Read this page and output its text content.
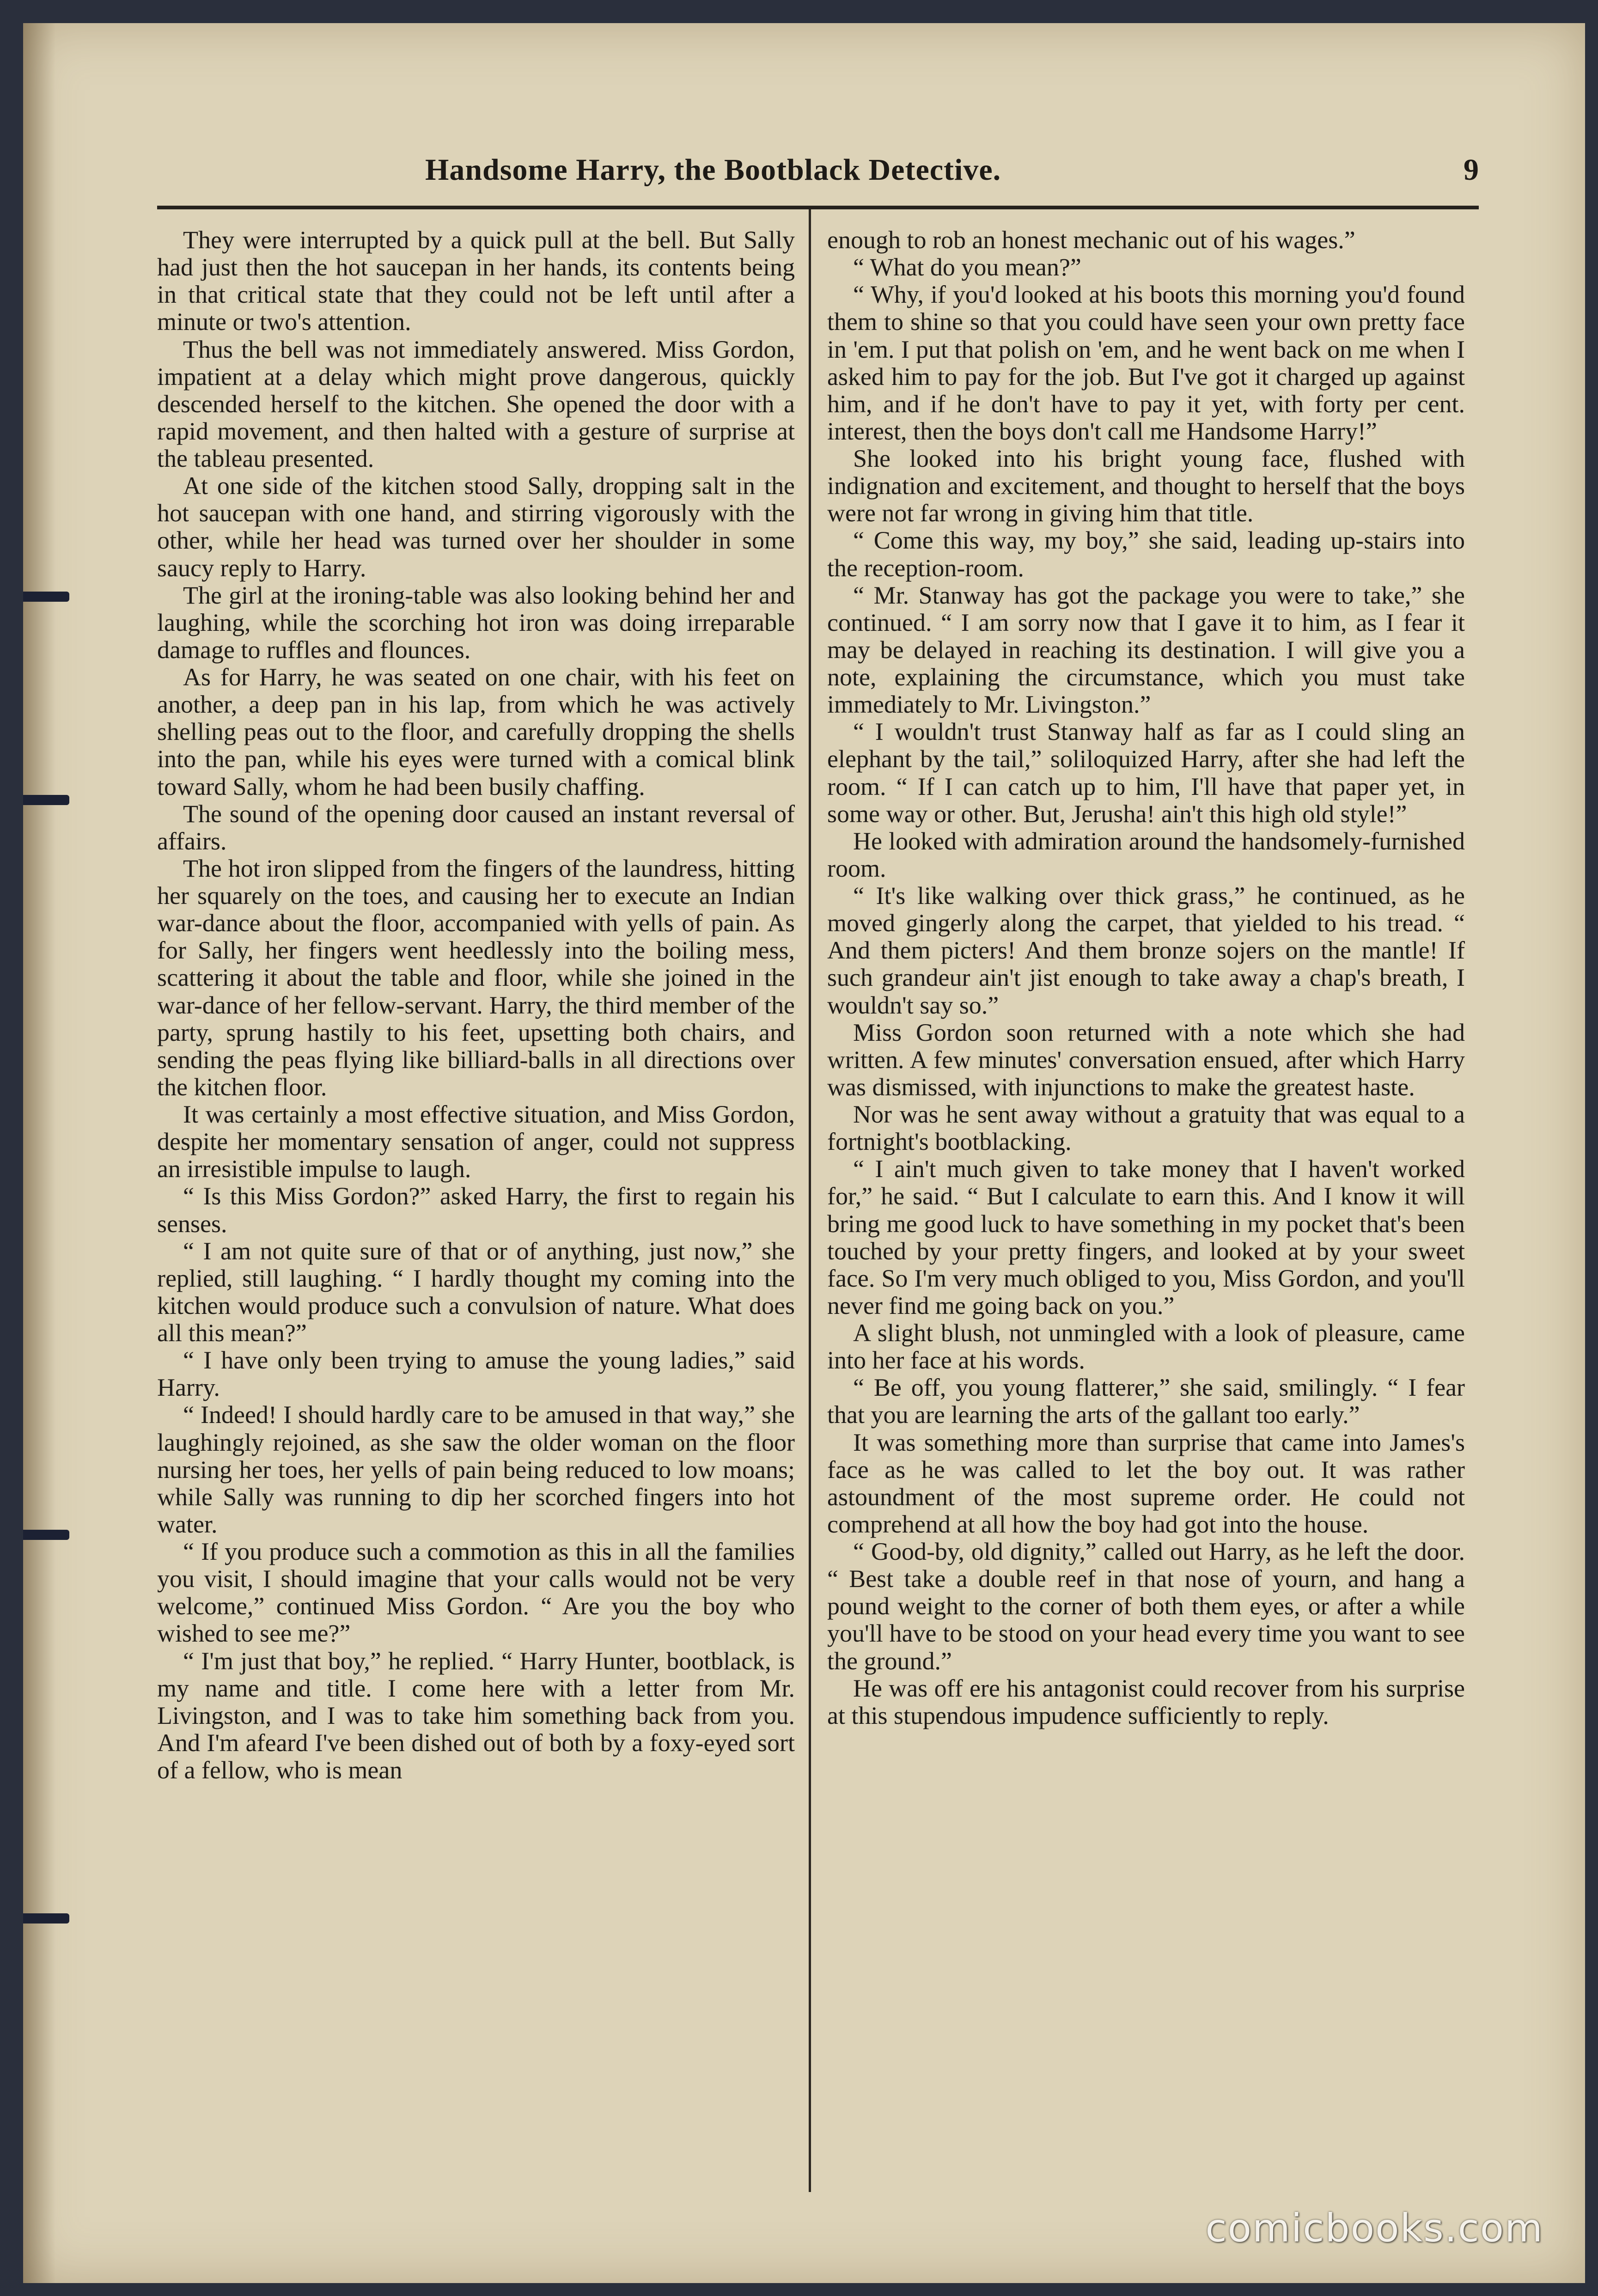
Handsome Harry, the Bootblack Detective.	9

They were interrupted by a quick pull at the bell. But Sally had just then the hot saucepan in her hands, its contents being in that critical state that they could not be left until after a minute or two's attention.

Thus the bell was not immediately answered. Miss Gordon, impatient at a delay which might prove dangerous, quickly descended herself to the kitchen. She opened the door with a rapid movement, and then halted with a gesture of surprise at the tableau presented.

At one side of the kitchen stood Sally, dropping salt in the hot saucepan with one hand, and stirring vigorously with the other, while her head was turned over her shoulder in some saucy reply to Harry.

The girl at the ironing-table was also looking behind her and laughing, while the scorching hot iron was doing irreparable damage to ruffles and flounces.

As for Harry, he was seated on one chair, with his feet on another, a deep pan in his lap, from which he was actively shelling peas out to the floor, and carefully dropping the shells into the pan, while his eyes were turned with a comical blink toward Sally, whom he had been busily chaffing.

The sound of the opening door caused an instant reversal of affairs.

The hot iron slipped from the fingers of the laundress, hitting her squarely on the toes, and causing her to execute an Indian war-dance about the floor, accompanied with yells of pain. As for Sally, her fingers went heedlessly into the boiling mess, scattering it about the table and floor, while she joined in the war-dance of her fellow-servant. Harry, the third member of the party, sprung hastily to his feet, upsetting both chairs, and sending the peas flying like billiard-balls in all directions over the kitchen floor.

It was certainly a most effective situation, and Miss Gordon, despite her momentary sensation of anger, could not suppress an irresistible impulse to laugh.

“ Is this Miss Gordon?” asked Harry, the first to regain his senses.

“ I am not quite sure of that or of anything, just now,” she replied, still laughing. “ I hardly thought my coming into the kitchen would produce such a convulsion of nature. What does all this mean?”

“ I have only been trying to amuse the young ladies,” said Harry.

“ Indeed! I should hardly care to be amused in that way,” she laughingly rejoined, as she saw the older woman on the floor nursing her toes, her yells of pain being reduced to low moans; while Sally was running to dip her scorched fingers into hot water.

“ If you produce such a commotion as this in all the families you visit, I should imagine that your calls would not be very welcome,” continued Miss Gordon. “ Are you the boy who wished to see me?”

“ I'm just that boy,” he replied. “ Harry Hunter, bootblack, is my name and title. I come here with a letter from Mr. Livingston, and I was to take him something back from you. And I'm afeard I've been dished out of both by a foxy-eyed sort of a fellow, who is mean

enough to rob an honest mechanic out of his wages.”

“ What do you mean?”

“ Why, if you'd looked at his boots this morning you'd found them to shine so that you could have seen your own pretty face in 'em. I put that polish on 'em, and he went back on me when I asked him to pay for the job. But I've got it charged up against him, and if he don't have to pay it yet, with forty per cent. interest, then the boys don't call me Handsome Harry!”

She looked into his bright young face, flushed with indignation and excitement, and thought to herself that the boys were not far wrong in giving him that title.

“ Come this way, my boy,” she said, leading up-stairs into the reception-room.

“ Mr. Stanway has got the package you were to take,” she continued. “ I am sorry now that I gave it to him, as I fear it may be delayed in reaching its destination. I will give you a note, explaining the circumstance, which you must take immediately to Mr. Livingston.”

“ I wouldn't trust Stanway half as far as I could sling an elephant by the tail,” soliloquized Harry, after she had left the room. “ If I can catch up to him, I'll have that paper yet, in some way or other. But, Jerusha! ain't this high old style!”

He looked with admiration around the handsomely-furnished room.

“ It's like walking over thick grass,” he continued, as he moved gingerly along the carpet, that yielded to his tread. “ And them picters! And them bronze sojers on the mantle! If such grandeur ain't jist enough to take away a chap's breath, I wouldn't say so.”

Miss Gordon soon returned with a note which she had written. A few minutes' conversation ensued, after which Harry was dismissed, with injunctions to make the greatest haste.

Nor was he sent away without a gratuity that was equal to a fortnight's bootblacking.

“ I ain't much given to take money that I haven't worked for,” he said. “ But I calculate to earn this. And I know it will bring me good luck to have something in my pocket that's been touched by your pretty fingers, and looked at by your sweet face. So I'm very much obliged to you, Miss Gordon, and you'll never find me going back on you.”

A slight blush, not unmingled with a look of pleasure, came into her face at his words.

“ Be off, you young flatterer,” she said, smilingly. “ I fear that you are learning the arts of the gallant too early.”

It was something more than surprise that came into James's face as he was called to let the boy out. It was rather astoundment of the most supreme order. He could not comprehend at all how the boy had got into the house.

“ Good-by, old dignity,” called out Harry, as he left the door. “ Best take a double reef in that nose of yourn, and hang a pound weight to the corner of both them eyes, or after a while you'll have to be stood on your head every time you want to see the ground.”

He was off ere his antagonist could recover from his surprise at this stupendous impudence sufficiently to reply.

comicbooks.com
